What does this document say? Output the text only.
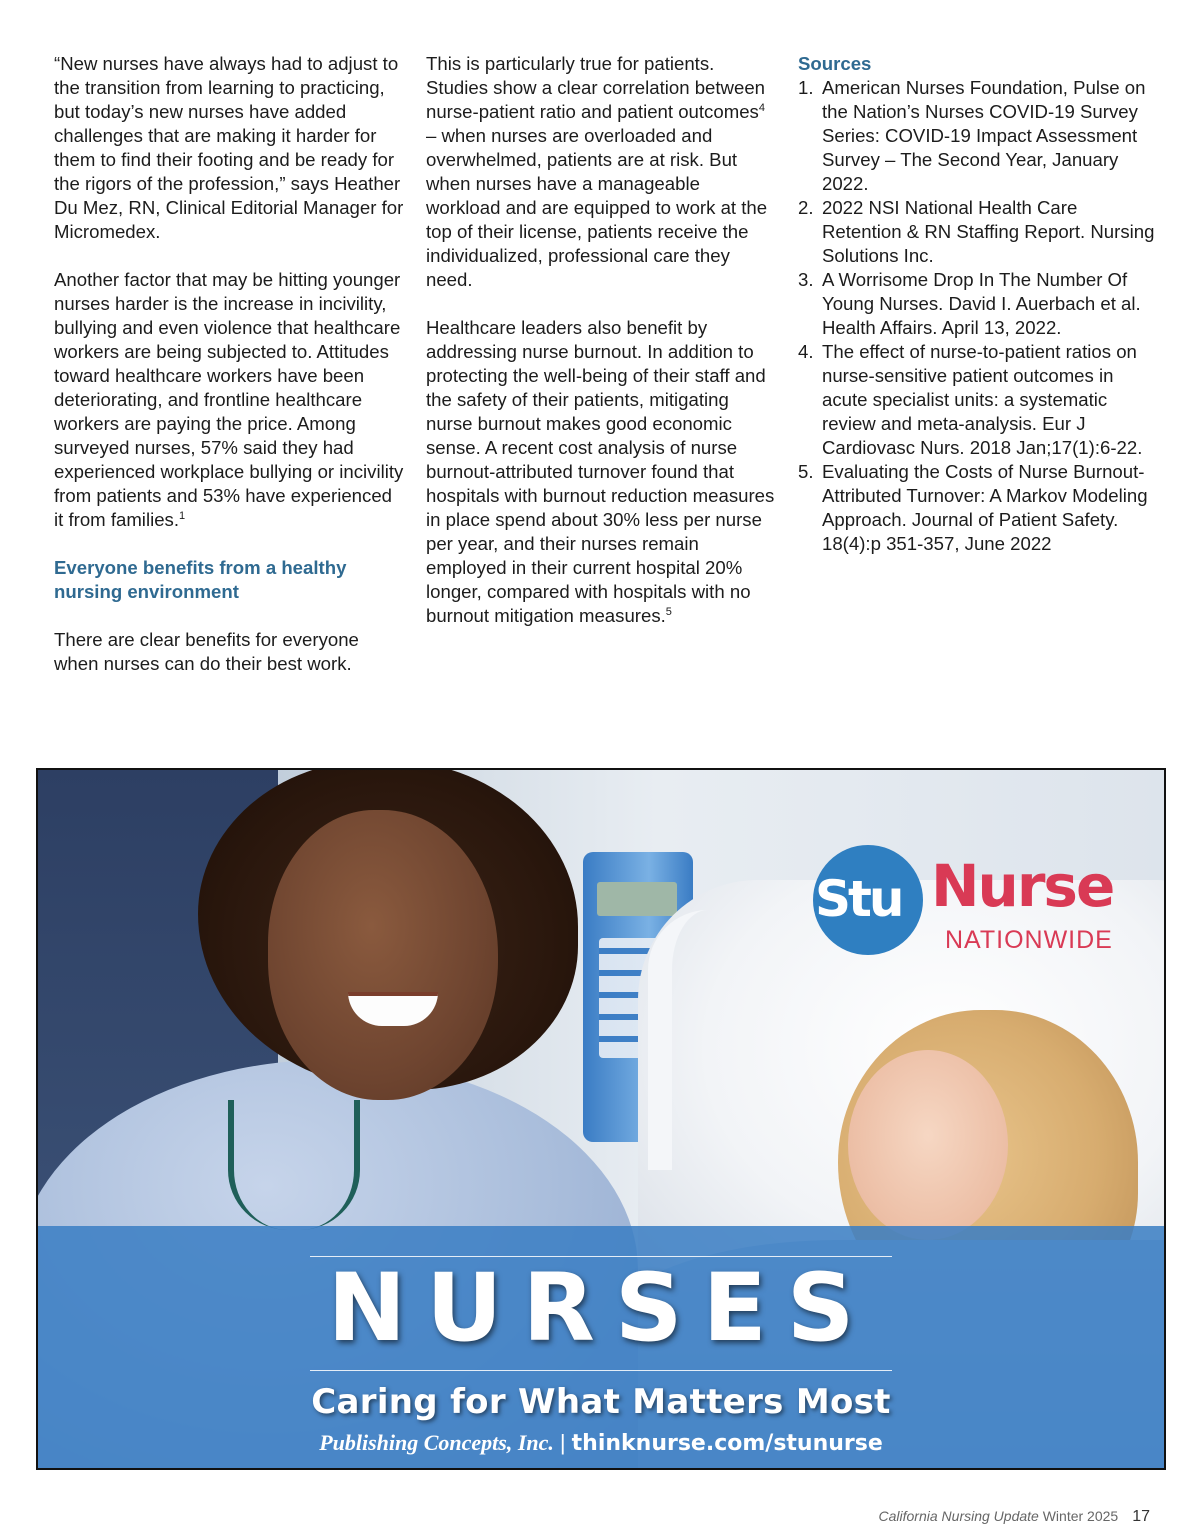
“New nurses have always had to adjust to the transition from learning to practicing, but today’s new nurses have added challenges that are making it harder for them to find their footing and be ready for the rigors of the profession,” says Heather Du Mez, RN, Clinical Editorial Manager for Micromedex.

Another factor that may be hitting younger nurses harder is the increase in incivility, bullying and even violence that healthcare workers are being subjected to. Attitudes toward healthcare workers have been deteriorating, and frontline healthcare workers are paying the price. Among surveyed nurses, 57% said they had experienced workplace bullying or incivility from patients and 53% have experienced it from families.$^1$

Everyone benefits from a healthy nursing environment

There are clear benefits for everyone when nurses can do their best work.

This is particularly true for patients. Studies show a clear correlation between nurse-patient ratio and patient outcomes$^4$ – when nurses are overloaded and overwhelmed, patients are at risk. But when nurses have a manageable workload and are equipped to work at the top of their license, patients receive the individualized, professional care they need.

Healthcare leaders also benefit by addressing nurse burnout. In addition to protecting the well-being of their staff and the safety of their patients, mitigating nurse burnout makes good economic sense. A recent cost analysis of nurse burnout-attributed turnover found that hospitals with burnout reduction measures in place spend about 30% less per nurse per year, and their nurses remain employed in their current hospital 20% longer, compared with hospitals with no burnout mitigation measures.$^5$

Sources
1. American Nurses Foundation, Pulse on the Nation’s Nurses COVID-19 Survey Series: COVID-19 Impact Assessment Survey – The Second Year, January 2022.
2. 2022 NSI National Health Care Retention & RN Staffing Report. Nursing Solutions Inc.
3. A Worrisome Drop In The Number Of Young Nurses. David I. Auerbach et al. Health Affairs. April 13, 2022.
4. The effect of nurse-to-patient ratios on nurse-sensitive patient outcomes in acute specialist units: a systematic review and meta-analysis. Eur J Cardiovasc Nurs. 2018 Jan;17(1):6-22.
5. Evaluating the Costs of Nurse Burnout-Attributed Turnover: A Markov Modeling Approach. Journal of Patient Safety. 18(4):p 351-357, June 2022
Stu Nurse
NATIONWIDE
NURSES
Caring for What Matters Most
Publishing Concepts, Inc. | thinknurse.com/stunurse
California Nursing Update Winter 2025 17
